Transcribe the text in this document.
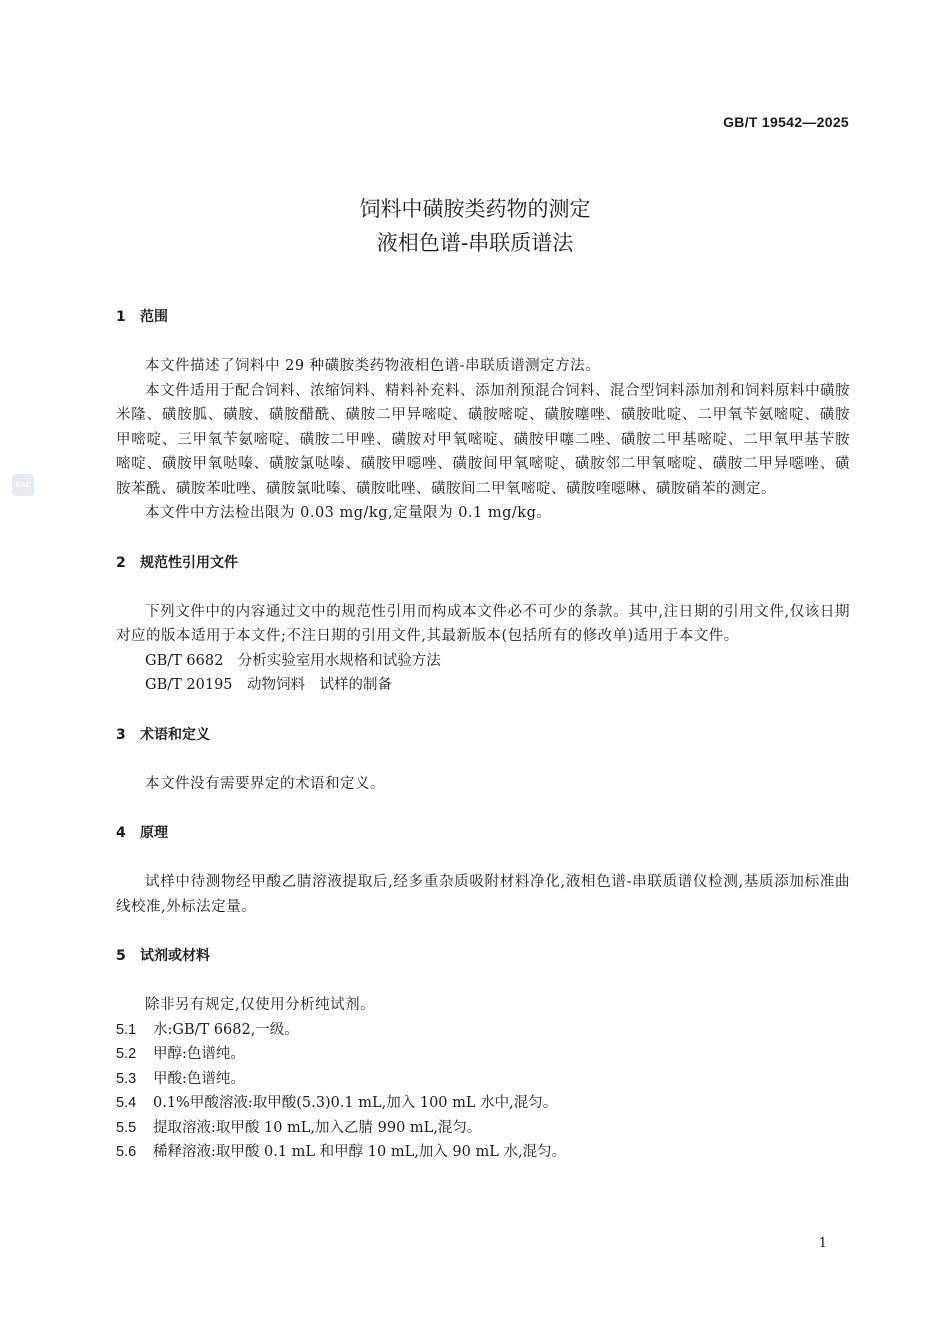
GB/T 19542—2025
饲料中磺胺类药物的测定
液相色谱-串联质谱法
SAC
1 范围
本文件描述了饲料中 29 种磺胺类药物液相色谱-串联质谱测定方法。
本文件适用于配合饲料、浓缩饲料、精料补充料、添加剂预混合饲料、混合型饲料添加剂和饲料原料中磺胺米隆、磺胺胍、磺胺、磺胺醋酰、磺胺二甲异嘧啶、磺胺嘧啶、磺胺噻唑、磺胺吡啶、二甲氧苄氨嘧啶、磺胺甲嘧啶、三甲氧苄氨嘧啶、磺胺二甲唑、磺胺对甲氧嘧啶、磺胺甲噻二唑、磺胺二甲基嘧啶、二甲氧甲基苄胺嘧啶、磺胺甲氧哒嗪、磺胺氯哒嗪、磺胺甲噁唑、磺胺间甲氧嘧啶、磺胺邻二甲氧嘧啶、磺胺二甲异噁唑、磺胺苯酰、磺胺苯吡唑、磺胺氯吡嗪、磺胺吡唑、磺胺间二甲氧嘧啶、磺胺喹噁啉、磺胺硝苯的测定。
本文件中方法检出限为 0.03 mg/kg,定量限为 0.1 mg/kg。
2 规范性引用文件
下列文件中的内容通过文中的规范性引用而构成本文件必不可少的条款。其中,注日期的引用文件,仅该日期对应的版本适用于本文件;不注日期的引用文件,其最新版本(包括所有的修改单)适用于本文件。
GB/T 6682　分析实验室用水规格和试验方法
GB/T 20195　动物饲料　试样的制备
3 术语和定义
本文件没有需要界定的术语和定义。
4 原理
试样中待测物经甲酸乙腈溶液提取后,经多重杂质吸附材料净化,液相色谱-串联质谱仪检测,基质添加标准曲线校准,外标法定量。
5 试剂或材料
除非另有规定,仅使用分析纯试剂。
5.1 水:GB/T 6682,一级。
5.2 甲醇:色谱纯。
5.3 甲酸:色谱纯。
5.4 0.1%甲酸溶液:取甲酸(5.3)0.1 mL,加入 100 mL 水中,混匀。
5.5 提取溶液:取甲酸 10 mL,加入乙腈 990 mL,混匀。
5.6 稀释溶液:取甲酸 0.1 mL 和甲醇 10 mL,加入 90 mL 水,混匀。
1
